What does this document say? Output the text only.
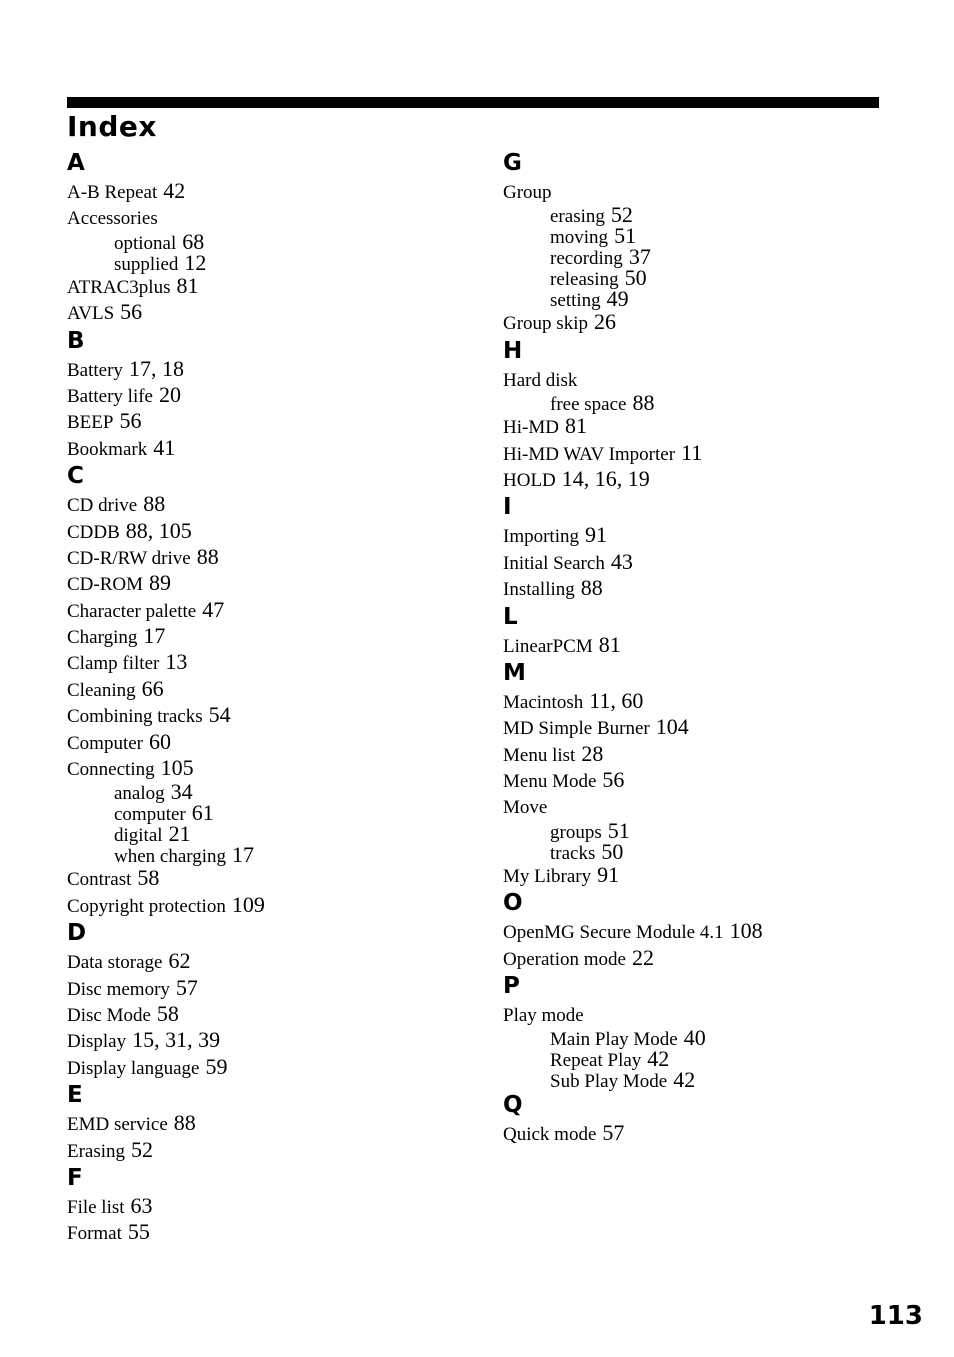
Index
A
A-B Repeat 42
Accessories
optional 68
supplied 12
ATRAC3plus 81
AVLS 56
B
Battery 17, 18
Battery life 20
BEEP 56
Bookmark 41
C
CD drive 88
CDDB 88, 105
CD-R/RW drive 88
CD-ROM 89
Character palette 47
Charging 17
Clamp filter 13
Cleaning 66
Combining tracks 54
Computer 60
Connecting 105
analog 34
computer 61
digital 21
when charging 17
Contrast 58
Copyright protection 109
D
Data storage 62
Disc memory 57
Disc Mode 58
Display 15, 31, 39
Display language 59
E
EMD service 88
Erasing 52
F
File list 63
Format 55
G
Group
erasing 52
moving 51
recording 37
releasing 50
setting 49
Group skip 26
H
Hard disk
free space 88
Hi-MD 81
Hi-MD WAV Importer 11
HOLD 14, 16, 19
I
Importing 91
Initial Search 43
Installing 88
L
LinearPCM 81
M
Macintosh 11, 60
MD Simple Burner 104
Menu list 28
Menu Mode 56
Move
groups 51
tracks 50
My Library 91
O
OpenMG Secure Module 4.1 108
Operation mode 22
P
Play mode
Main Play Mode 40
Repeat Play 42
Sub Play Mode 42
Q
Quick mode 57
113
